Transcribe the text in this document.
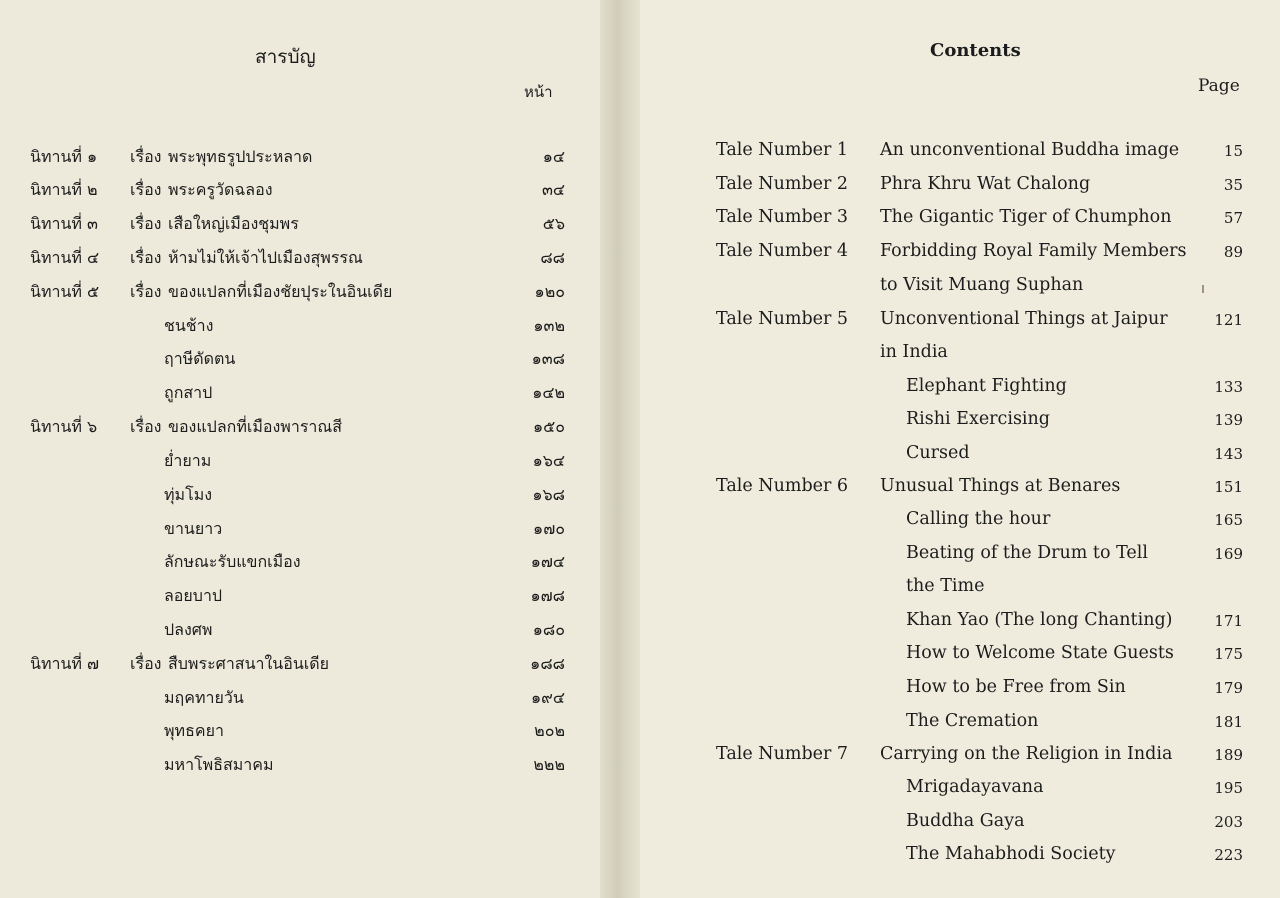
สารบัญ
หน้า
นิทานที่ ๑ เรื่อง พระพุทธรูปประหลาด	๑๔
นิทานที่ ๒ เรื่อง พระครูวัดฉลอง	๓๔
นิทานที่ ๓ เรื่อง เสือใหญ่เมืองชุมพร	๕๖
นิทานที่ ๔ เรื่อง ห้ามไม่ให้เจ้าไปเมืองสุพรรณ	๘๘
นิทานที่ ๕ เรื่อง ของแปลกที่เมืองชัยปุระในอินเดีย	๑๒๐
ชนช้าง	๑๓๒
ฤาษีดัดตน	๑๓๘
ถูกสาป	๑๔๒
นิทานที่ ๖ เรื่อง ของแปลกที่เมืองพาราณสี	๑๕๐
ย่ำยาม	๑๖๔
ทุ่มโมง	๑๖๘
ขานยาว	๑๗๐
ลักษณะรับแขกเมือง	๑๗๔
ลอยบาป	๑๗๘
ปลงศพ	๑๘๐
นิทานที่ ๗ เรื่อง สืบพระศาสนาในอินเดีย	๑๘๘
มฤคทายวัน	๑๙๔
พุทธคยา	๒๐๒
มหาโพธิสมาคม	๒๒๒
Contents
Page
Tale Number 1 An unconventional Buddha image	15
Tale Number 2 Phra Khru Wat Chalong	35
Tale Number 3 The Gigantic Tiger of Chumphon	57
Tale Number 4 Forbidding Royal Family Members 89
to Visit Muang Suphan
Tale Number 5 Unconventional Things at Jaipur	121
in India
Elephant Fighting	133
Rishi Exercising	139
Cursed	143
Tale Number 6 Unusual Things at Benares	151
Calling the hour	165
Beating of the Drum to Tell	169
the Time
Khan Yao (The long Chanting)	171
How to Welcome State Guests	175
How to be Free from Sin	179
The Cremation	181
Tale Number 7 Carrying on the Religion in India	189
Mrigadayavana	195
Buddha Gaya	203
The Mahabhodi Society	223
